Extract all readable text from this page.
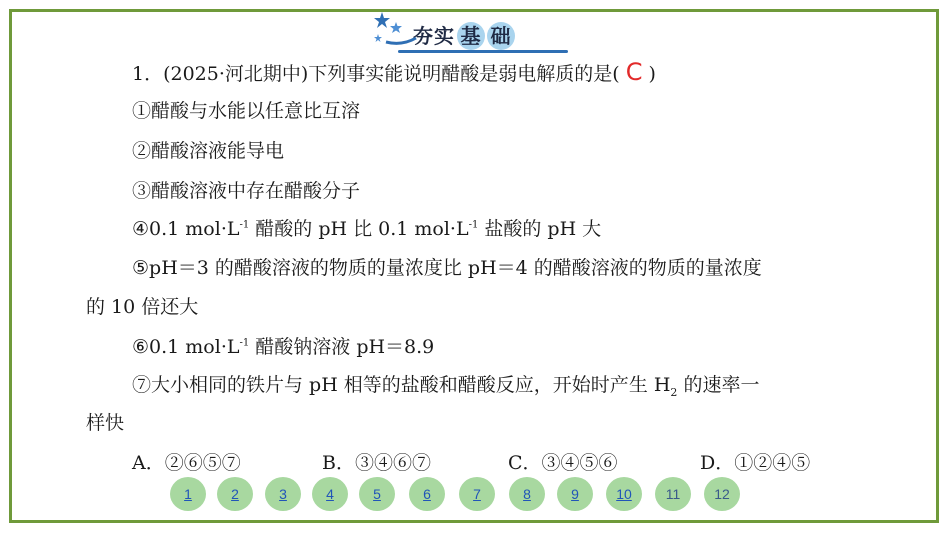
夯实 基 础
1．(2025·河北期中)下列事实能说明醋酸是弱电解质的是( C )
①醋酸与水能以任意比互溶
②醋酸溶液能导电
③醋酸溶液中存在醋酸分子
④0.1 $mol\cdot L^{-1}$ 醋酸的 pH 比 0.1 $mol\cdot L^{-1}$ 盐酸的 pH 大
⑤pH＝3 的醋酸溶液的物质的量浓度比 pH＝4 的醋酸溶液的物质的量浓度
的 10 倍还大
⑥0.1 $mol\cdot L^{-1}$ 醋酸钠溶液 pH＝8.9
⑦大小相同的铁片与 pH 相等的盐酸和醋酸反应，开始时产生 $H_2$ 的速率一
样快
A．②⑥⑤⑦	B．③④⑥⑦	C．③④⑤⑥	D．①②④⑤
1	2	3	4	5	6	7	8	9	10	11	12
